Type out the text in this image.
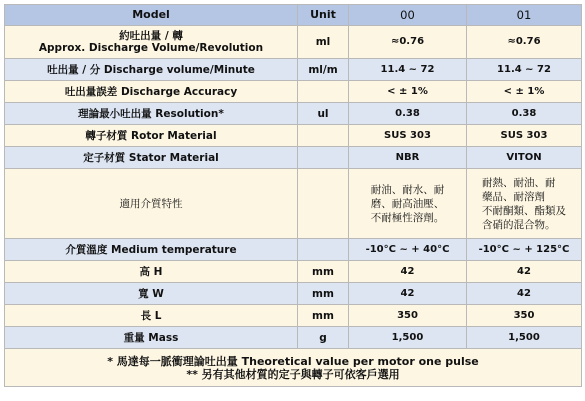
Model	Unit	00	01

約吐出量 / 轉
Approx. Discharge Volume/Revolution	ml	≈0.76	≈0.76
吐出量 / 分 Discharge volume/Minute	ml/m	11.4 ~ 72	11.4 ~ 72
吐出量誤差 Discharge Accuracy		< ± 1%	< ± 1%
理論最小吐出量 Resolution*	ul	0.38	0.38
轉子材質 Rotor Material		SUS 303	SUS 303
定子材質 Stator Material		NBR	VITON
適用介質特性		耐油、耐水、耐
磨、耐高油壓、
不耐極性溶劑。	耐熱、耐油、耐
藥品、耐溶劑
不耐酮類、酯類及
含硝的混合物。

介質溫度 Medium temperature		-10°C ~ + 40°C	-10°C ~ + 125°C
高 H	mm	42	42
寬 W	mm	42	42
長 L	mm	350	350
重量 Mass	g	1,500	1,500

* 馬達每一脈衝理論吐出量 Theoretical value per motor one pulse
** 另有其他材質的定子與轉子可依客戶選用			
